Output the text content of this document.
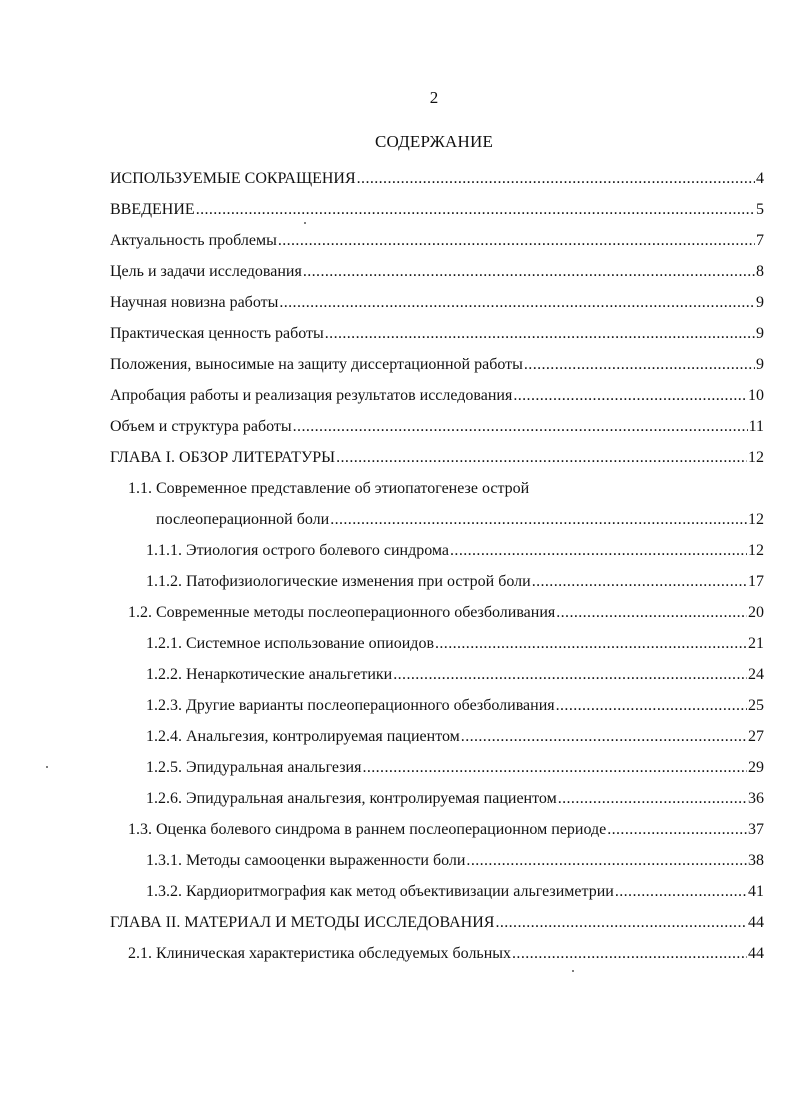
2
СОДЕРЖАНИЕ
ИСПОЛЬЗУЕМЫЕ СОКРАЩЕНИЯ .....	4
ВВЕДЕНИЕ .....	5
Актуальность проблемы .....	7
Цель и задачи исследования .....	8
Научная новизна работы .....	9
Практическая ценность работы .....	9
Положения, выносимые на защиту диссертационной работы .....	9
Апробация работы и реализация результатов исследования .....	10
Объем и структура работы .....	11
ГЛАВА I. ОБЗОР ЛИТЕРАТУРЫ .....	12
1.1. Современное представление об этиопатогенезе острой
послеоперационной боли .....	12
1.1.1. Этиология острого болевого синдрома .....	12
1.1.2. Патофизиологические изменения при острой боли .....	17
1.2. Современные методы послеоперационного обезболивания .....	20
1.2.1. Системное использование опиоидов .....	21
1.2.2. Ненаркотические анальгетики .....	24
1.2.3. Другие варианты послеоперационного обезболивания .....	25
1.2.4. Анальгезия, контролируемая пациентом .....	27
1.2.5. Эпидуральная анальгезия .....	29
1.2.6. Эпидуральная анальгезия, контролируемая пациентом .....	36
1.3. Оценка болевого синдрома в раннем послеоперационном периоде .....	37
1.3.1. Методы самооценки выраженности боли .....	38
1.3.2. Кардиоритмография как метод объективизации альгезиметрии .....	41
ГЛАВА II. МАТЕРИАЛ И МЕТОДЫ ИССЛЕДОВАНИЯ .....	44
2.1. Клиническая характеристика обследуемых больных .....	44
